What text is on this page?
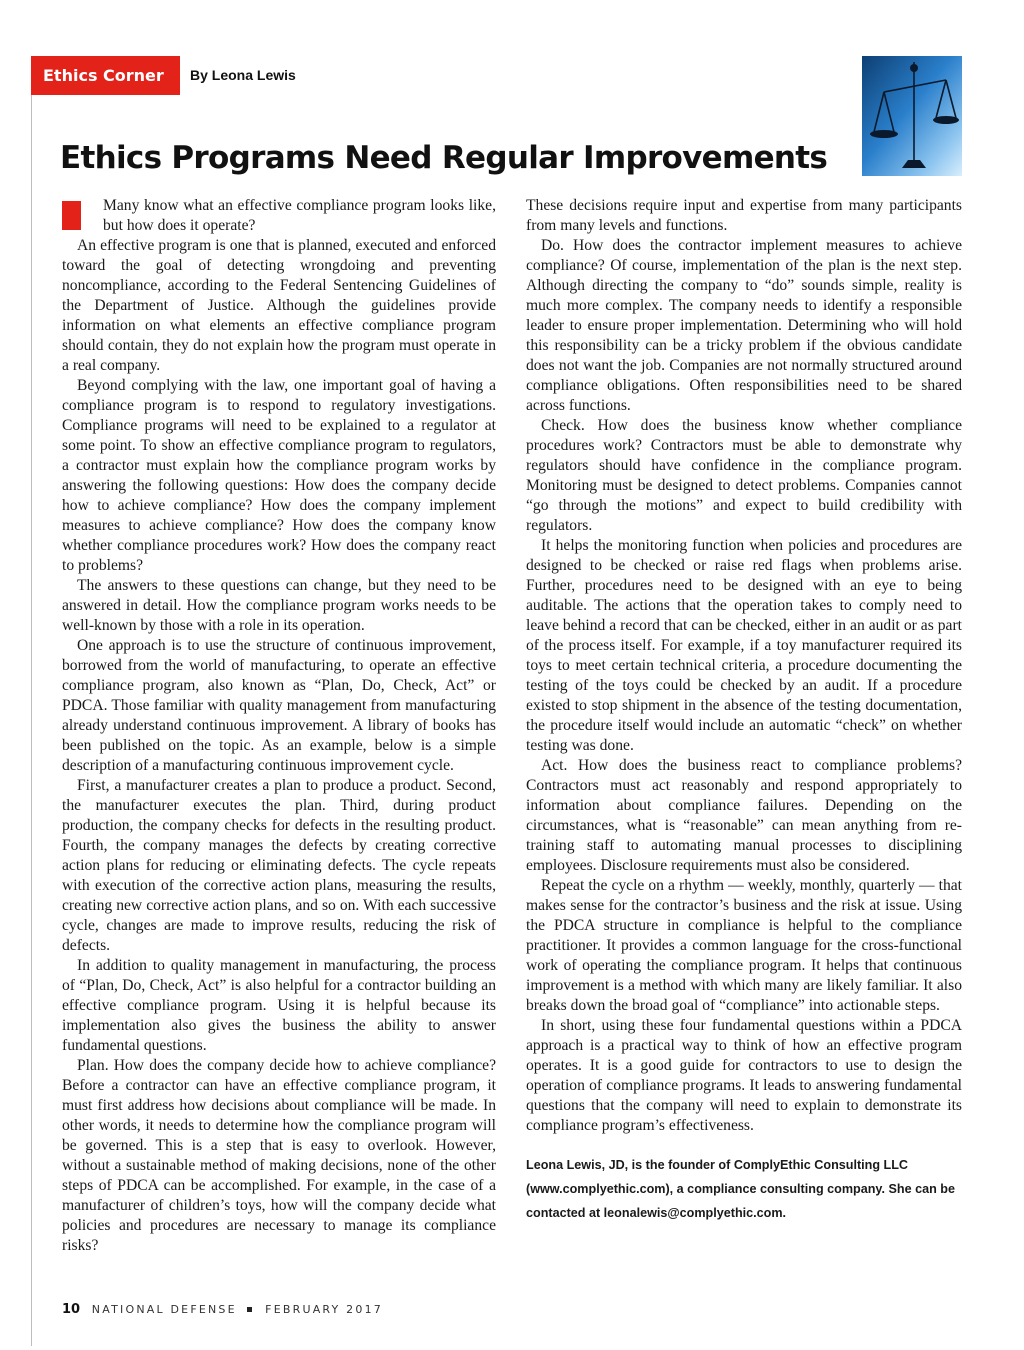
Ethics Corner	By Leona Lewis
Ethics Programs Need Regular Improvements

Many know what an effective compliance program looks like, but how does it operate?

An effective program is one that is planned, executed and enforced toward the goal of detecting wrongdoing and preventing noncompliance, according to the Federal Sentencing Guidelines of the Department of Justice. Although the guidelines provide information on what elements an effective compliance program should contain, they do not explain how the program must operate in a real company.

Beyond complying with the law, one important goal of having a compliance program is to respond to regulatory investigations. Compliance programs will need to be explained to a regulator at some point. To show an effective compliance program to regulators, a contractor must explain how the compliance program works by answering the following questions: How does the company decide how to achieve compliance? How does the company implement measures to achieve compliance? How does the company know whether compliance procedures work? How does the company react to problems?

The answers to these questions can change, but they need to be answered in detail. How the compliance program works needs to be well-known by those with a role in its operation.

One approach is to use the structure of continuous improvement, borrowed from the world of manufacturing, to operate an effective compliance program, also known as “Plan, Do, Check, Act” or PDCA. Those familiar with quality management from manufacturing already understand continuous improvement. A library of books has been published on the topic. As an example, below is a simple description of a manufacturing continuous improvement cycle.

First, a manufacturer creates a plan to produce a product. Second, the manufacturer executes the plan. Third, during product production, the company checks for defects in the resulting product. Fourth, the company manages the defects by creating corrective action plans for reducing or eliminating defects. The cycle repeats with execution of the corrective action plans, measuring the results, creating new corrective action plans, and so on. With each successive cycle, changes are made to improve results, reducing the risk of defects.

In addition to quality management in manufacturing, the process of “Plan, Do, Check, Act” is also helpful for a contractor building an effective compliance program. Using it is helpful because its implementation also gives the business the ability to answer fundamental questions.

Plan. How does the company decide how to achieve compliance? Before a contractor can have an effective compliance program, it must first address how decisions about compliance will be made. In other words, it needs to determine how the compliance program will be governed. This is a step that is easy to overlook. However, without a sustainable method of making decisions, none of the other steps of PDCA can be accomplished. For example, in the case of a manufacturer of children’s toys, how will the company decide what policies and procedures are necessary to manage its compliance risks?

These decisions require input and expertise from many participants from many levels and functions.

Do. How does the contractor implement measures to achieve compliance? Of course, implementation of the plan is the next step. Although directing the company to “do” sounds simple, reality is much more complex. The company needs to identify a responsible leader to ensure proper implementation. Determining who will hold this responsibility can be a tricky problem if the obvious candidate does not want the job. Companies are not normally structured around compliance obligations. Often responsibilities need to be shared across functions.

Check. How does the business know whether compliance procedures work? Contractors must be able to demonstrate why regulators should have confidence in the compliance program. Monitoring must be designed to detect problems. Companies cannot “go through the motions” and expect to build credibility with regulators.

It helps the monitoring function when policies and procedures are designed to be checked or raise red flags when problems arise. Further, procedures need to be designed with an eye to being auditable. The actions that the operation takes to comply need to leave behind a record that can be checked, either in an audit or as part of the process itself. For example, if a toy manufacturer required its toys to meet certain technical criteria, a procedure documenting the testing of the toys could be checked by an audit. If a procedure existed to stop shipment in the absence of the testing documentation, the procedure itself would include an automatic “check” on whether testing was done.

Act. How does the business react to compliance problems? Contractors must act reasonably and respond appropriately to information about compliance failures. Depending on the circumstances, what is “reasonable” can mean anything from re-training staff to automating manual processes to disciplining employees. Disclosure requirements must also be considered.

Repeat the cycle on a rhythm — weekly, monthly, quarterly — that makes sense for the contractor’s business and the risk at issue. Using the PDCA structure in compliance is helpful to the compliance practitioner. It provides a common language for the cross-functional work of operating the compliance program. It helps that continuous improvement is a method with which many are likely familiar. It also breaks down the broad goal of “compliance” into actionable steps.

In short, using these four fundamental questions within a PDCA approach is a practical way to think of how an effective program operates. It is a good guide for contractors to use to design the operation of compliance programs. It leads to answering fundamental questions that the company will need to explain to demonstrate its compliance program’s effectiveness.

Leona Lewis, JD, is the founder of ComplyEthic Consulting LLC (www.complyethic.com), a compliance consulting company. She can be contacted at leonalewis@complyethic.com.

10 NATIONAL DEFENSE	FEBRUARY 2017
